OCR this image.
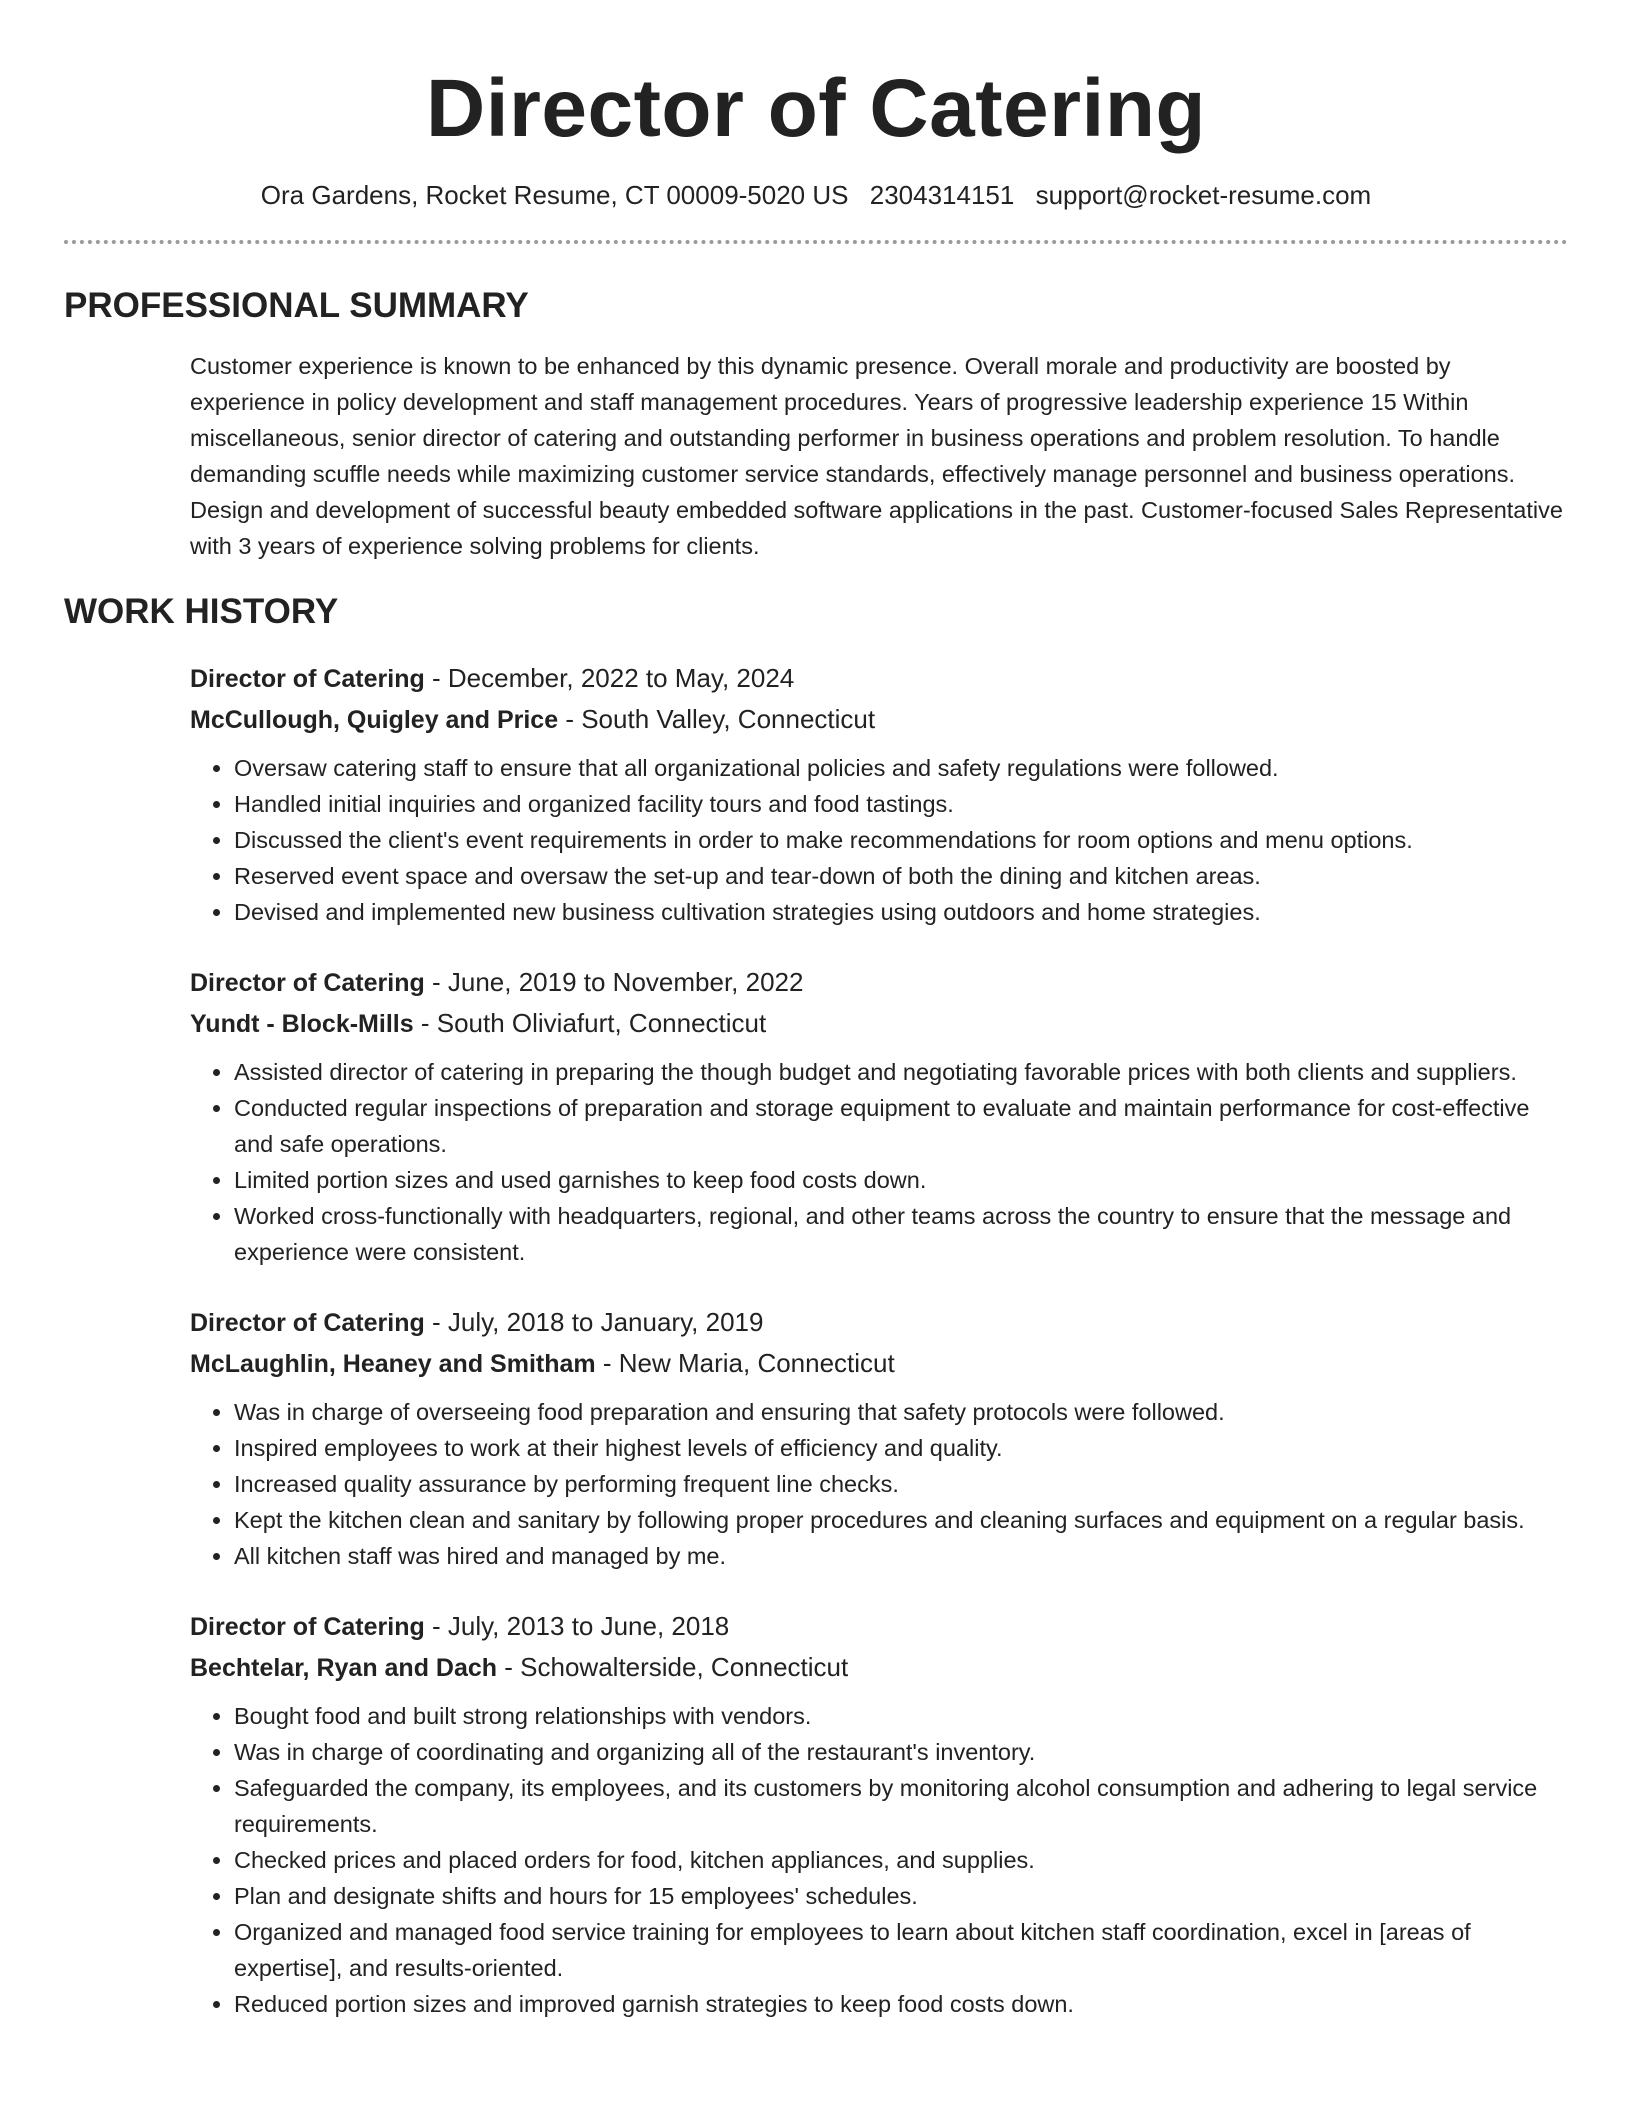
Director of Catering
Ora Gardens, Rocket Resume, CT 00009-5020 US 2304314151 support@rocket-resume.com
PROFESSIONAL SUMMARY

Customer experience is known to be enhanced by this dynamic presence. Overall morale and productivity are boosted by experience in policy development and staff management procedures. Years of progressive leadership experience 15 Within miscellaneous, senior director of catering and outstanding performer in business operations and problem resolution. To handle demanding scuffle needs while maximizing customer service standards, effectively manage personnel and business operations. Design and development of successful beauty embedded software applications in the past. Customer-focused Sales Representative with 3 years of experience solving problems for clients.

WORK HISTORY
Director of Catering - December, 2022 to May, 2024
McCullough, Quigley and Price - South Valley, Connecticut
• Oversaw catering staff to ensure that all organizational policies and safety regulations were followed.
• Handled initial inquiries and organized facility tours and food tastings.
• Discussed the client's event requirements in order to make recommendations for room options and menu options.
• Reserved event space and oversaw the set-up and tear-down of both the dining and kitchen areas.
• Devised and implemented new business cultivation strategies using outdoors and home strategies.
Director of Catering - June, 2019 to November, 2022
Yundt - Block-Mills - South Oliviafurt, Connecticut
• Assisted director of catering in preparing the though budget and negotiating favorable prices with both clients and suppliers.
• Conducted regular inspections of preparation and storage equipment to evaluate and maintain performance for cost-effective and safe operations.
• Limited portion sizes and used garnishes to keep food costs down.
• Worked cross-functionally with headquarters, regional, and other teams across the country to ensure that the message and experience were consistent.
Director of Catering - July, 2018 to January, 2019
McLaughlin, Heaney and Smitham - New Maria, Connecticut
• Was in charge of overseeing food preparation and ensuring that safety protocols were followed.
• Inspired employees to work at their highest levels of efficiency and quality.
• Increased quality assurance by performing frequent line checks.
• Kept the kitchen clean and sanitary by following proper procedures and cleaning surfaces and equipment on a regular basis.
• All kitchen staff was hired and managed by me.
Director of Catering - July, 2013 to June, 2018
Bechtelar, Ryan and Dach - Schowalterside, Connecticut
• Bought food and built strong relationships with vendors.
• Was in charge of coordinating and organizing all of the restaurant's inventory.
• Safeguarded the company, its employees, and its customers by monitoring alcohol consumption and adhering to legal service requirements.
• Checked prices and placed orders for food, kitchen appliances, and supplies.
• Plan and designate shifts and hours for 15 employees' schedules.
• Organized and managed food service training for employees to learn about kitchen staff coordination, excel in [areas of expertise], and results-oriented.
• Reduced portion sizes and improved garnish strategies to keep food costs down.
